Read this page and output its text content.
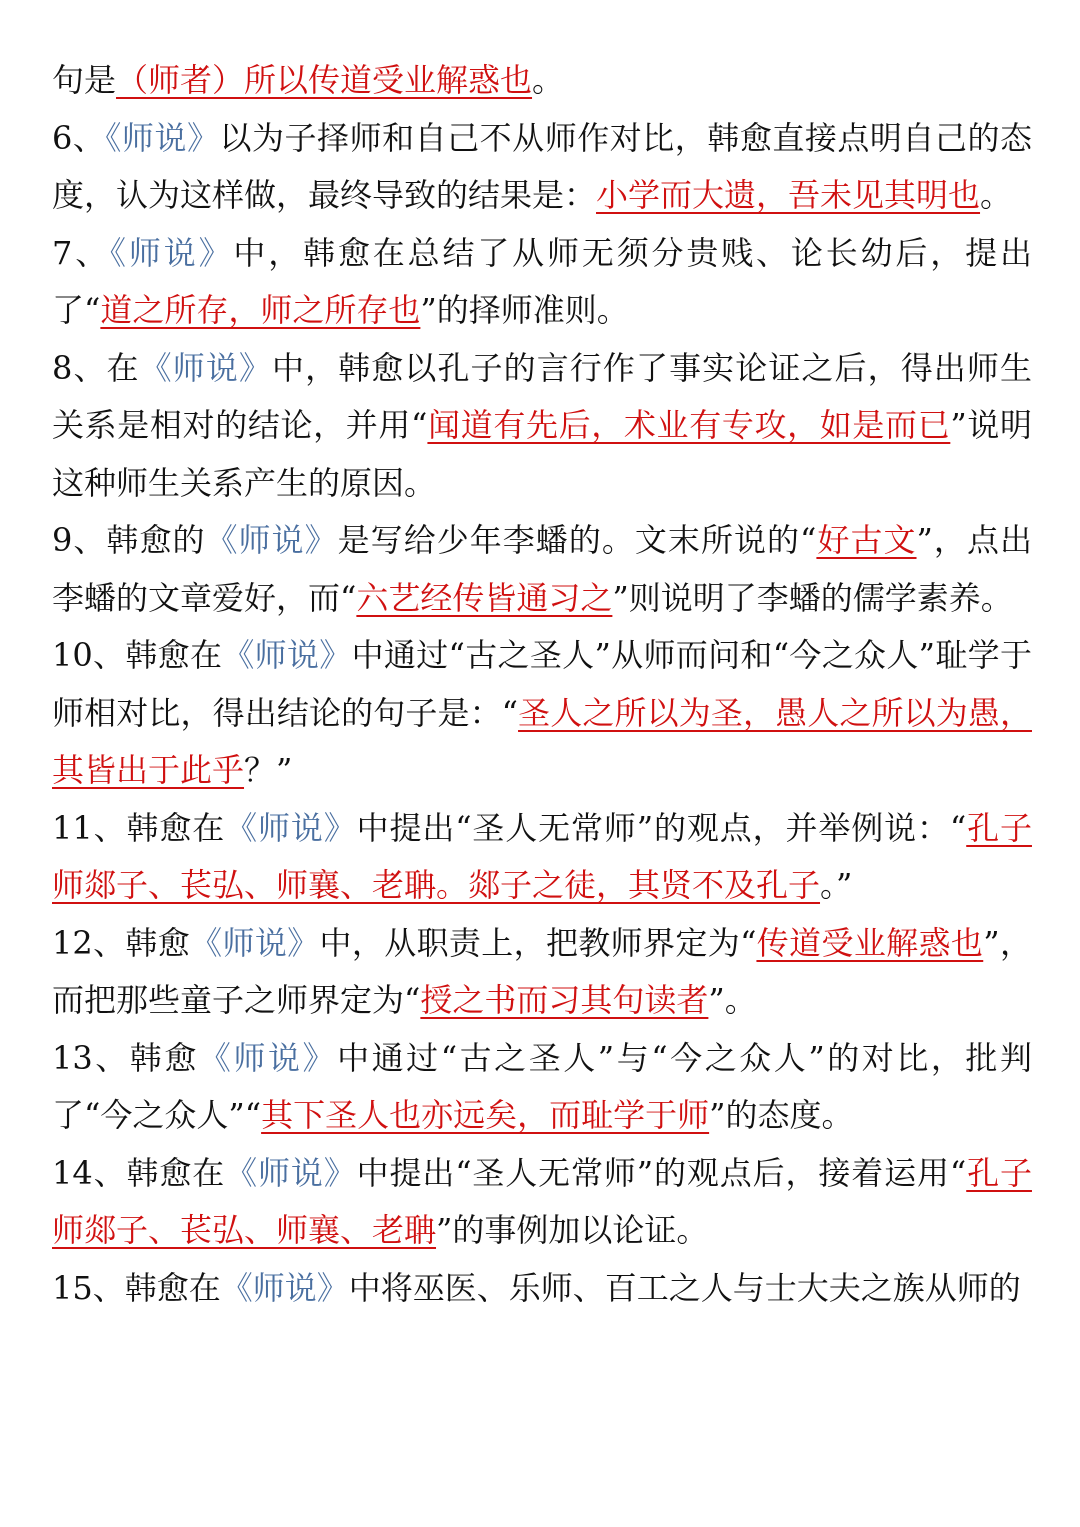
句是（师者）所以传道受业解惑也。

6、《师说》以为子择师和自己不从师作对比，韩愈直接点明自己的态度，认为这样做，最终导致的结果是：小学而大遗，吾未见其明也。

7、《师说》中，韩愈在总结了从师无须分贵贱、论长幼后，提出了“道之所存，师之所存也”的择师准则。

8、在《师说》中，韩愈以孔子的言行作了事实论证之后，得出师生关系是相对的结论，并用“闻道有先后，术业有专攻，如是而已”说明这种师生关系产生的原因。

9、韩愈的《师说》是写给少年李蟠的。文末所说的“好古文”，点出李蟠的文章爱好，而“六艺经传皆通习之”则说明了李蟠的儒学素养。

10、韩愈在《师说》中通过“古之圣人”从师而问和“今之众人”耻学于师相对比，得出结论的句子是：“圣人之所以为圣，愚人之所以为愚，其皆出于此乎？”

11、韩愈在《师说》中提出“圣人无常师”的观点，并举例说：“孔子师郯子、苌弘、师襄、老聃。郯子之徒，其贤不及孔子。”

12、韩愈《师说》中，从职责上，把教师界定为“传道受业解惑也”，而把那些童子之师界定为“授之书而习其句读者”。

13、韩愈《师说》中通过“古之圣人”与“今之众人”的对比，批判了“今之众人”“其下圣人也亦远矣，而耻学于师”的态度。

14、韩愈在《师说》中提出“圣人无常师”的观点后，接着运用“孔子师郯子、苌弘、师襄、老聃”的事例加以论证。

15、韩愈在《师说》中将巫医、乐师、百工之人与士大夫之族从师的
